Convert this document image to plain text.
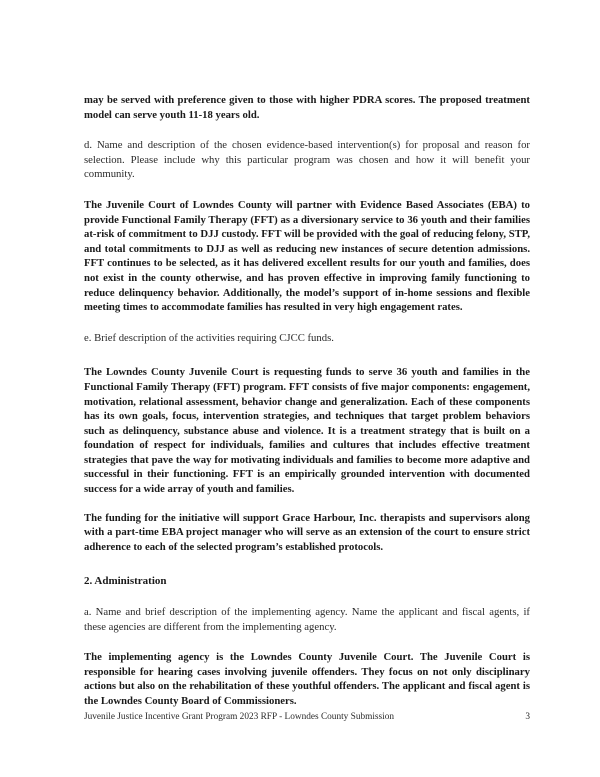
may be served with preference given to those with higher PDRA scores. The proposed treatment model can serve youth 11-18 years old.

d. Name and description of the chosen evidence-based intervention(s) for proposal and reason for selection. Please include why this particular program was chosen and how it will benefit your community.

The Juvenile Court of Lowndes County will partner with Evidence Based Associates (EBA) to provide Functional Family Therapy (FFT) as a diversionary service to 36 youth and their families at-risk of commitment to DJJ custody. FFT will be provided with the goal of reducing felony, STP, and total commitments to DJJ as well as reducing new instances of secure detention admissions. FFT continues to be selected, as it has delivered excellent results for our youth and families, does not exist in the county otherwise, and has proven effective in improving family functioning to reduce delinquency behavior. Additionally, the model’s support of in-home sessions and flexible meeting times to accommodate families has resulted in very high engagement rates.

e. Brief description of the activities requiring CJCC funds.

The Lowndes County Juvenile Court is requesting funds to serve 36 youth and families in the Functional Family Therapy (FFT) program. FFT consists of five major components: engagement, motivation, relational assessment, behavior change and generalization. Each of these components has its own goals, focus, intervention strategies, and techniques that target problem behaviors such as delinquency, substance abuse and violence. It is a treatment strategy that is built on a foundation of respect for individuals, families and cultures that includes effective treatment strategies that pave the way for motivating individuals and families to become more adaptive and successful in their functioning. FFT is an empirically grounded intervention with documented success for a wide array of youth and families.

The funding for the initiative will support Grace Harbour, Inc. therapists and supervisors along with a part-time EBA project manager who will serve as an extension of the court to ensure strict adherence to each of the selected program’s established protocols.

2. Administration

a. Name and brief description of the implementing agency. Name the applicant and fiscal agents, if these agencies are different from the implementing agency.

The implementing agency is the Lowndes County Juvenile Court. The Juvenile Court is responsible for hearing cases involving juvenile offenders. They focus on not only disciplinary actions but also on the rehabilitation of these youthful offenders. The applicant and fiscal agent is the Lowndes County Board of Commissioners.

Juvenile Justice Incentive Grant Program 2023 RFP - Lowndes County Submission	3
